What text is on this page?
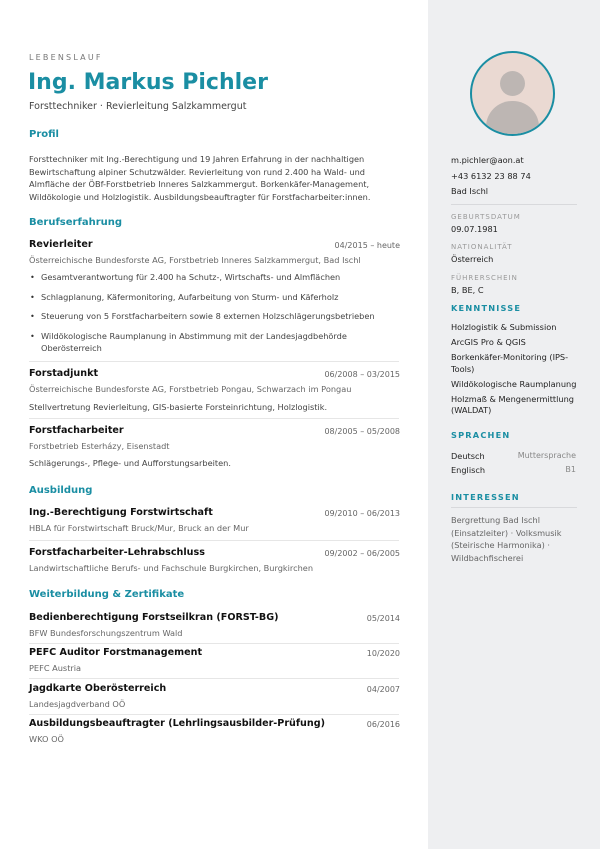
LEBENSLAUF
Ing. Markus Pichler
Forsttechniker · Revierleitung Salzkammergut
Profil
Forsttechniker mit Ing.-Berechtigung und 19 Jahren Erfahrung in der nachhaltigen Bewirtschaftung alpiner Schutzwälder. Revierleitung von rund 2.400 ha Wald- und Almfläche der ÖBf-Forstbetrieb Inneres Salzkammergut. Borkenkäfer-Management, Wildökologie und Holzlogistik. Ausbildungsbeauftragter für Forstfacharbeiter:innen.
Berufserfahrung
Revierleiter	04/2015 – heute
Österreichische Bundesforste AG, Forstbetrieb Inneres Salzkammergut, Bad Ischl
• Gesamtverantwortung für 2.400 ha Schutz-, Wirtschafts- und Almflächen
• Schlagplanung, Käfermonitoring, Aufarbeitung von Sturm- und Käferholz
• Steuerung von 5 Forstfacharbeitern sowie 8 externen Holzschlägerungsbetrieben
• Wildökologische Raumplanung in Abstimmung mit der Landesjagdbehörde Oberösterreich
Forstadjunkt	06/2008 – 03/2015
Österreichische Bundesforste AG, Forstbetrieb Pongau, Schwarzach im Pongau
Stellvertretung Revierleitung, GIS-basierte Forsteinrichtung, Holzlogistik.
Forstfacharbeiter	08/2005 – 05/2008
Forstbetrieb Esterházy, Eisenstadt
Schlägerungs-, Pflege- und Aufforstungsarbeiten.
Ausbildung
Ing.-Berechtigung Forstwirtschaft	09/2010 – 06/2013
HBLA für Forstwirtschaft Bruck/Mur, Bruck an der Mur
Forstfacharbeiter-Lehrabschluss	09/2002 – 06/2005
Landwirtschaftliche Berufs- und Fachschule Burgkirchen, Burgkirchen
Weiterbildung & Zertifikate
Bedienberechtigung Forstseilkran (FORST-BG)	05/2014
BFW Bundesforschungszentrum Wald
PEFC Auditor Forstmanagement	10/2020
PEFC Austria
Jagdkarte Oberösterreich	04/2007
Landesjagdverband OÖ
Ausbildungsbeauftragter (Lehrlingsausbilder-Prüfung)	06/2016
WKO OÖ
m.pichler@aon.at
+43 6132 23 88 74
Bad Ischl
GEBURTSDATUM
09.07.1981
NATIONALITÄT
Österreich
FÜHRERSCHEIN
B, BE, C
KENNTNISSE
Holzlogistik & Submission
ArcGIS Pro & QGIS
Borkenkäfer-Monitoring (IPS-Tools)
Wildökologische Raumplanung
Holzmaß & Mengenermittlung (WALDAT)
SPRACHEN
Deutsch	Muttersprache
Englisch	B1
INTERESSEN
Bergrettung Bad Ischl (Einsatzleiter) · Volksmusik (Steirische Harmonika) · Wildbachfischerei
